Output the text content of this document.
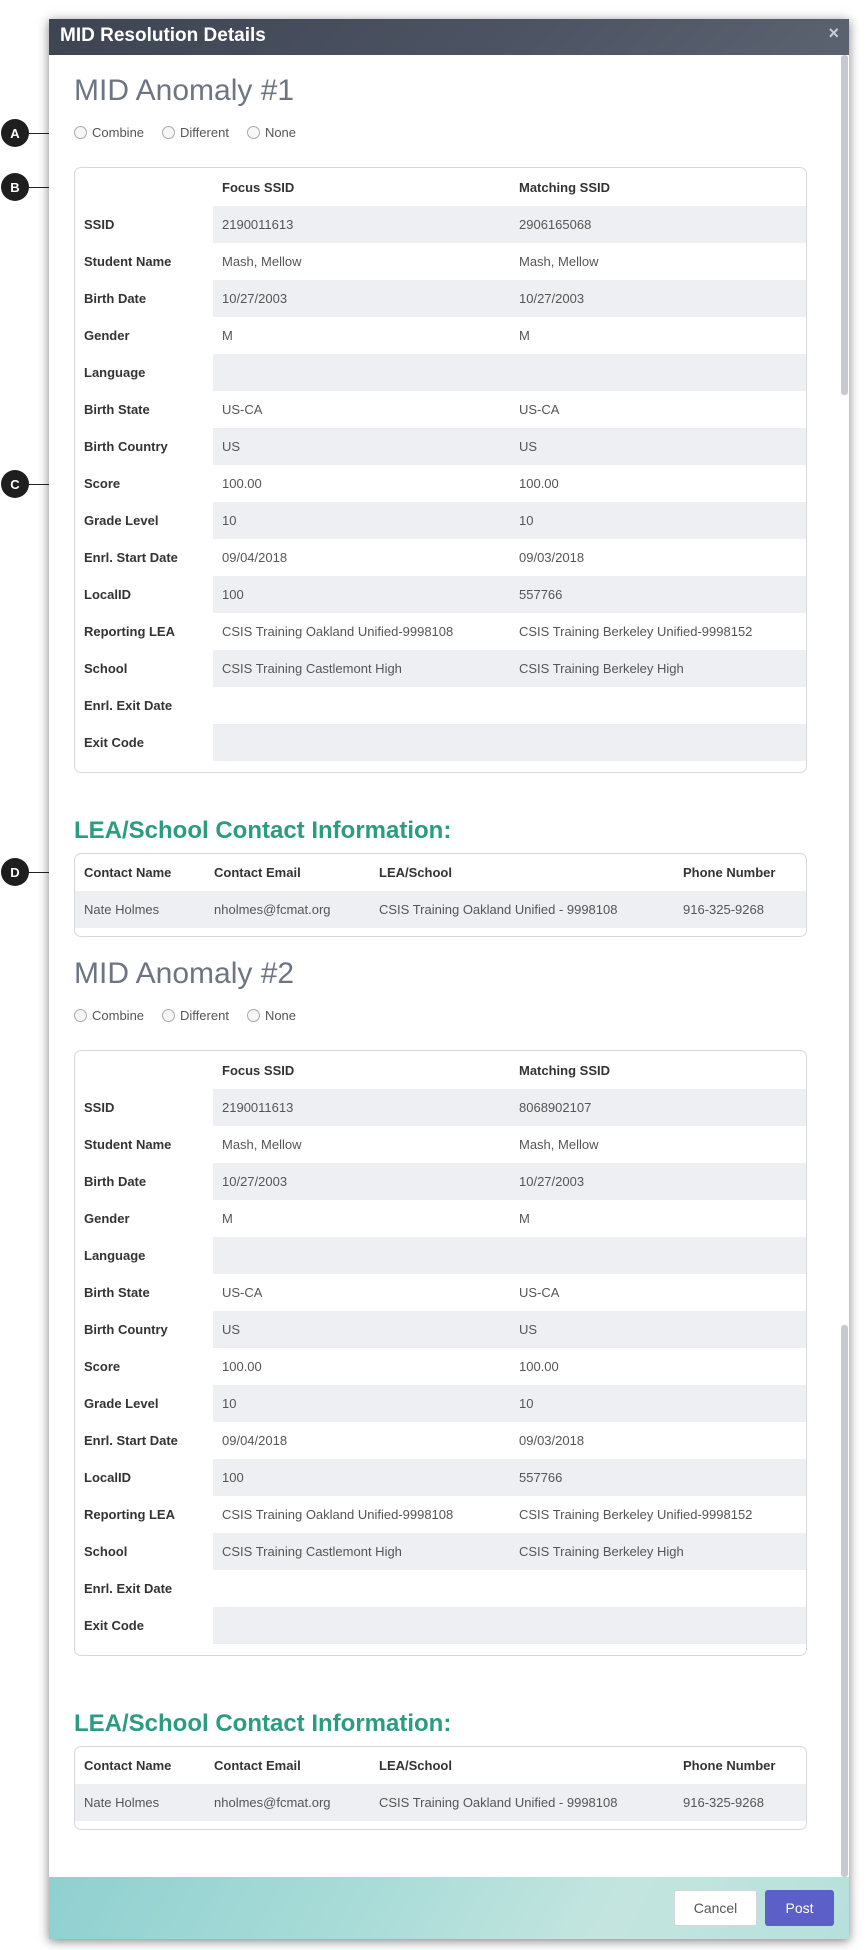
A
B
C
D
MID Resolution Details	×
MID Anomaly #1
Combine	Different	None
	Focus SSID	Matching SSID
SSID	2190011613	2906165068
Student Name	Mash, Mellow	Mash, Mellow
Birth Date	10/27/2003	10/27/2003
Gender	M	M
Language		
Birth State	US-CA	US-CA
Birth Country	US	US
Score	100.00	100.00
Grade Level	10	10
Enrl. Start Date	09/04/2018	09/03/2018
LocalID	100	557766
Reporting LEA	CSIS Training Oakland Unified-9998108	CSIS Training Berkeley Unified-9998152
School	CSIS Training Castlemont High	CSIS Training Berkeley High
Enrl. Exit Date		
Exit Code		
LEA/School Contact Information:
Contact Name	Contact Email	LEA/School	Phone Number
Nate Holmes	nholmes@fcmat.org	CSIS Training Oakland Unified - 9998108	916-325-9268
MID Anomaly #2
Combine	Different	None
	Focus SSID	Matching SSID
SSID	2190011613	8068902107
Student Name	Mash, Mellow	Mash, Mellow
Birth Date	10/27/2003	10/27/2003
Gender	M	M
Language		
Birth State	US-CA	US-CA
Birth Country	US	US
Score	100.00	100.00
Grade Level	10	10
Enrl. Start Date	09/04/2018	09/03/2018
LocalID	100	557766
Reporting LEA	CSIS Training Oakland Unified-9998108	CSIS Training Berkeley Unified-9998152
School	CSIS Training Castlemont High	CSIS Training Berkeley High
Enrl. Exit Date		
Exit Code		
LEA/School Contact Information:
Contact Name	Contact Email	LEA/School	Phone Number
Nate Holmes	nholmes@fcmat.org	CSIS Training Oakland Unified - 9998108	916-325-9268
Cancel	Post
